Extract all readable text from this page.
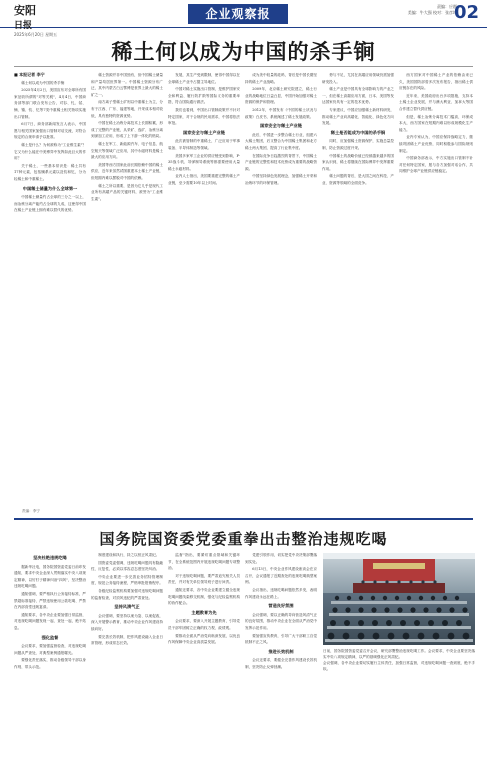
安阳
日报
2025年6月20日 星期五
企业观察报
责编：应群
美编：牛大强 校对：张彦坤
02
稀土何以成为中国的杀手锏

■ 本报记者 李宁

稀土何以成为中国的杀手锏

2025年4月2日，美国宣布对全球所有国家征收所谓的"对等关税"，4月4日，中国商务部等部门联合发布公告，对钐、钆、铽、镝、镥、钪、钇等7类中重稀土相关物项实施出口管制。

6月7日，商务部新闻发言人表示，中国愿与相关国家加强出口管制对话交流，对符合规定的合规申请予以批准。

稀土是什么？为何被称为"工业维生素"？它又为什么能在中美博弈中发挥如此巨大的作用？

关于稀土，一些基本常识是：稀土共有17种元素，包括镧系元素以及钪和钇，分为轻稀土和中重稀土。

中国稀土储量为什么全球第一

中国稀土储量约占全球的三分之一以上，而冶炼分离产能约占全球的九成，这使得中国在稀土产业链上拥有难以替代的优势。

稀土资源并非中国独有，但中国稀土储量和产量均居世界第一。中国稀土资源分布广泛，其中内蒙古白云鄂博是世界上最大的稀土矿之一。

南方离子型稀土矿则以中重稀土为主，分布于江西、广东、福建等地，开采成本相对较低，具有独特的资源优势。

中国在稀土冶炼分离技术上长期积累，形成了完整的产业链，从采矿、选矿、冶炼分离到深加工应用，形成了上下游一体化的格局。

稀土在军工、新能源汽车、电子信息、航空航天等领域广泛应用，其中永磁材料是稀土最大的应用方向。

美国等西方国家此前长期依赖中国的稀土供应，近年来虽然试图重建本土稀土产业链，但短期内难以摆脱对中国的依赖。

稀土之所以重要，是因为它几乎是现代工业所有高端产品的关键材料，被誉为"工业维生素"。

发展，其生产受到限制，使得中国得以在全球稀土产业中占据主导地位。

中国对稀土实施出口管制，是维护国家安全和利益、履行防扩散等国际义务的重要举措，符合国际通行做法。

我们也看到，中国出口管制政策并不针对特定国家，对于合规的民用需求，中国将依法审批。

国家安全与稀土产业链

此次被管制的中重稀土，广泛应用于军事装备、半导体制造等领域。

美国多家军工企业的供应链受到影响，F-35战斗机、导弹制导系统等都需要使用大量稀土永磁材料。

业内人士指出，美国要重建完整的稀土产业链，至少需要10年以上时间。

成为美中较量的砝码，背后是中国长期坚持的稀土产业战略。

2009年，北京稀土研究院建立，稀土行业的战略地位日益凸显，中国开始加强对稀土资源的保护和管理。

2012年，中国发布《中国的稀土状况与政策》白皮书，系统阐述了稀土发展政策。

国家安全与稀土产业链

此后，中国进一步整合稀土行业，组建六大稀土集团，后又整合为中国稀土集团和北方稀土两大集团，提高了行业集中度。

在国际竞争日趋激烈的背景下，中国稀土产业链的完整性和技术优势成为重要的战略资源。

中国坚持绿色发展理念，加强稀土开采和冶炼环节的环保管理。

势与不足，尤其在高端应用领域仍需加强研发投入。

稀土产业是中国具有全球影响力的产业之一，但在稀土高端应用方面，日本、美国等发达国家仍具有一定的技术优势。

专家建议，中国应加强稀土新材料研发，推动稀土产业向高端化、智能化、绿色化方向发展。

稀土是否能成为中国的杀手锏

同时，应加强稀土资源保护，实施总量控制，防止资源过度开采。

中国稀土的战略价值已经被越来越多的国家认识到，稀土将继续在国际博弈中发挥重要作用。

稀土问题的背后，是大国之间在科技、产业、资源等领域的全面竞争。

西方国家对中国稀土产业的依赖由来已久，美国国防部曾多次发布报告，指出稀土供应链存在的风险。

近年来，美国政府出台多项措施，支持本土稀土企业发展，并与澳大利亚、加拿大等国合作建立替代供应链。

但是，稀土冶炼分离技术门槛高，环保成本大，西方国家在短期内难以形成规模化生产能力。

业内专家认为，中国应保持战略定力，继续巩固稀土产业优势，同时积极参与国际规则制定。

中国商务部表示，中方实施出口管制不针对任何特定国家，愿与各方加强对话合作，共同维护全球产业链供应链稳定。

责编：李宁
国务院国资委党委重拳出击整治违规吃喝
坚决杜绝违规吃喝

据新华社电，国务院国资委党委日前印发通知，要求中央企业深入贯彻落实中央八项规定精神，以钉钉子精神纠治"四风"，坚决整治违规吃喝问题。

通知强调，要严格执行公务接待标准，严禁超标准接待、严禁违规使用公款吃喝、严禁在内部食堂违规宴请。

通知要求，各中央企业要加强日常监督，对违规吃喝问题发现一起、查处一起，绝不姑息。

强化监督

会议要求，要加强监督检查，对违规吃喝问题从严查处，对典型案例通报曝光。

要强化责任落实，推动各级领导干部以身作则、带头示范。

制度建设和执行，持之以恒正风肃纪。

国资委党委强调，违规吃喝问题具有隐蔽性、反复性，必须以零容忍态度坚决纠治。

中央企业要进一步完善业务招待管理制度，规范公务接待流程，严格审批报销程序。

各级纪检监察机构要加强对违规吃喝问题的监督检查，对顶风违纪的严肃查处。

坚持风清气正

会议强调，要坚持以案为鉴、以案促改，深入开展警示教育，推动中央企业作风建设持续向好。

要完善长效机制，把作风建设融入企业日常管理，形成常态长效。

监督"指出，要紧盯重点领域和关键环节，在全系统范围内开展违规吃喝问题专项整治。

对于违规吃喝问题，要严肃追究相关人员责任，并对有关单位领导班子进行问责。

通知还要求，各中央企业要建立健全违规吃喝问题线索移交机制，强化与纪检监察机构的协作配合。

主题教育为先

会议要求，要深入开展主题教育，引导党员干部牢固树立正确的权力观、政绩观。

要推动全面从严治党向纵深发展，以优良作风保障中央企业高质量发展。

党建引领作用，切实把党中央决策部署落到实处。

6月13日，中央企业作风建设座谈会在京召开，会议通报了近期查处的违规吃喝典型案例。

会议指出，违规吃喝问题依然多发，表明作风建设永远在路上。

营造良好氛围

会议强调，要以正确的导向营造风清气正的良好氛围，推动中央企业在全面从严治党中发挥示范作用。

要加强宣传教育，引导广大干部职工自觉抵制不正之风。

推进长效机制

会议还要求，要健全完善作风建设长效机制，坚决防止反弹回潮。

日前，国务院国资委党委召开会议，研究部署整治违规吃喝工作。会议要求，中央企业要坚决落实中央八项规定精神，以严的基调强化正风肃纪。

会议强调，各中央企业要切实履行主体责任，加强日常监督，对违规吃喝问题一查到底，绝不手软。
